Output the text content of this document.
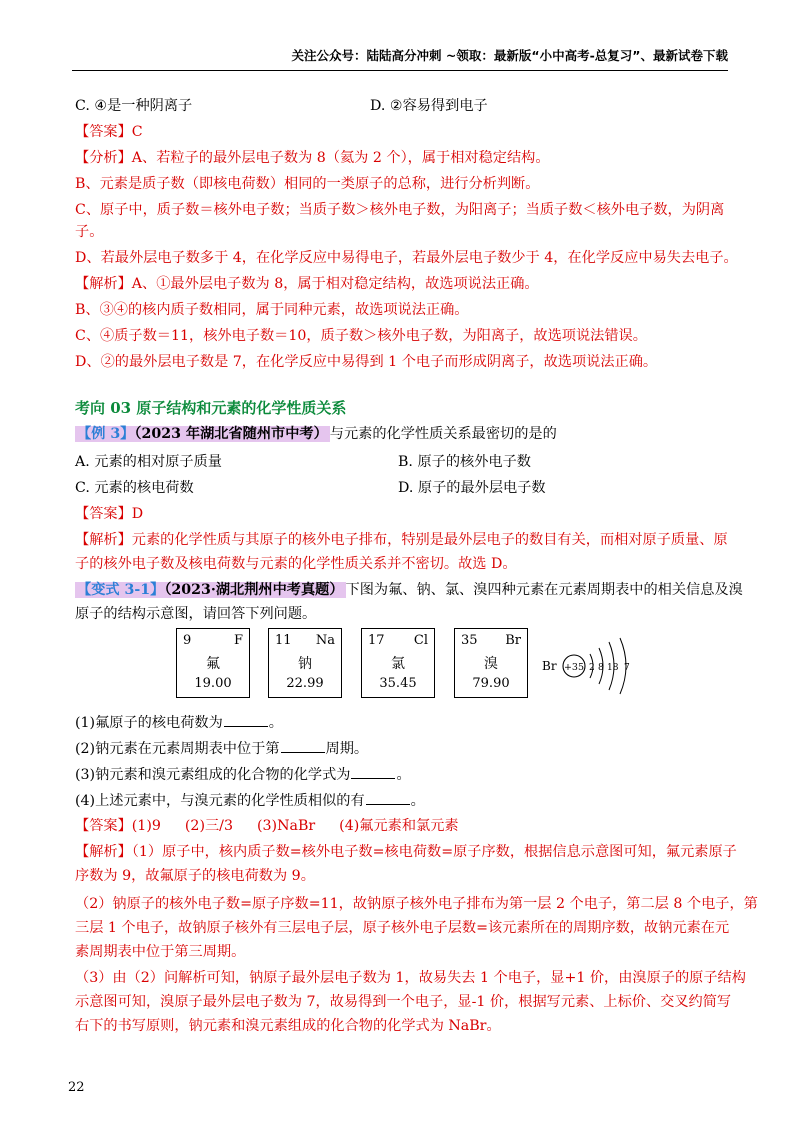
关注公众号：陆陆高分冲刺 ~领取：最新版“小中高考-总复习”、最新试卷下载
C. ④是一种阴离子	D. ②容易得到电子
【答案】C
【分析】A、若粒子的最外层电子数为 8（氦为 2 个），属于相对稳定结构。
B、元素是质子数（即核电荷数）相同的一类原子的总称，进行分析判断。
C、原子中，质子数＝核外电子数；当质子数＞核外电子数，为阳离子；当质子数＜核外电子数，为阴离
子。
D、若最外层电子数多于 4，在化学反应中易得电子，若最外层电子数少于 4，在化学反应中易失去电子。
【解析】A、①最外层电子数为 8，属于相对稳定结构，故选项说法正确。
B、③④的核内质子数相同，属于同种元素，故选项说法正确。
C、④质子数＝11，核外电子数＝10，质子数＞核外电子数，为阳离子，故选项说法错误。
D、②的最外层电子数是 7，在化学反应中易得到 1 个电子而形成阴离子，故选项说法正确。
考向 03 原子结构和元素的化学性质关系
【例 3】（2023 年湖北省随州市中考） 与元素的化学性质关系最密切的是的
A. 元素的相对原子质量	B. 原子的核外电子数
C. 元素的核电荷数	D. 原子的最外层电子数
【答案】D
【解析】元素的化学性质与其原子的核外电子排布，特别是最外层电子的数目有关，而相对原子质量、原
子的核外电子数及核电荷数与元素的化学性质关系并不密切。故选 D。
【变式 3-1】（2023·湖北荆州中考真题） 下图为氟、钠、氯、溴四种元素在元素周期表中的相关信息及溴
原子的结构示意图，请回答下列问题。
9	F
氟
19.00
11 Na
钠
22.99
17 Cl
氯
35.45
35 Br
溴
79.90
Br +35 2 8 18 7
(1)氟原子的核电荷数为	。
(2)钠元素在元素周期表中位于第	周期。
(3)钠元素和溴元素组成的化合物的化学式为	。
(4)上述元素中，与溴元素的化学性质相似的有	。
【答案】(1)9 (2)三/3 (3)NaBr (4)氟元素和氯元素
【解析】（1）原子中，核内质子数=核外电子数=核电荷数=原子序数，根据信息示意图可知，氟元素原子
序数为 9，故氟原子的核电荷数为 9。
（2）钠原子的核外电子数=原子序数=11，故钠原子核外电子排布为第一层 2 个电子，第二层 8 个电子，第
三层 1 个电子，故钠原子核外有三层电子层，原子核外电子层数=该元素所在的周期序数，故钠元素在元
素周期表中位于第三周期。
（3）由（2）问解析可知，钠原子最外层电子数为 1，故易失去 1 个电子，显+1 价，由溴原子的原子结构
示意图可知，溴原子最外层电子数为 7，故易得到一个电子，显-1 价，根据写元素、上标价、交叉约简写
右下的书写原则，钠元素和溴元素组成的化合物的化学式为 NaBr。
22
